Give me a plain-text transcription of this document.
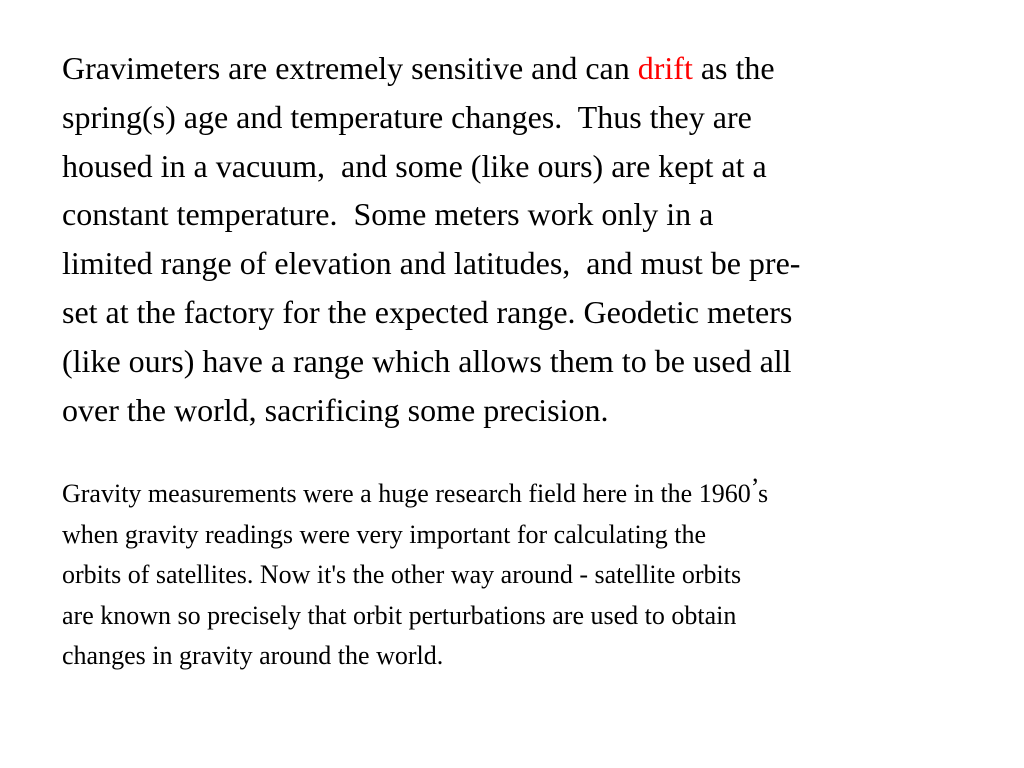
Gravimeters are extremely sensitive and can drift as the
spring(s) age and temperature changes.  Thus they are
housed in a vacuum,  and some (like ours) are kept at a
constant temperature.  Some meters work only in a
limited range of elevation and latitudes,  and must be pre-
set at the factory for the expected range. Geodetic meters
(like ours) have a range which allows them to be used all
over the world, sacrificing some precision.
Gravity measurements were a huge research field here in the 1960’s
when gravity readings were very important for calculating the
orbits of satellites. Now it's the other way around - satellite orbits
are known so precisely that orbit perturbations are used to obtain
changes in gravity around the world.
